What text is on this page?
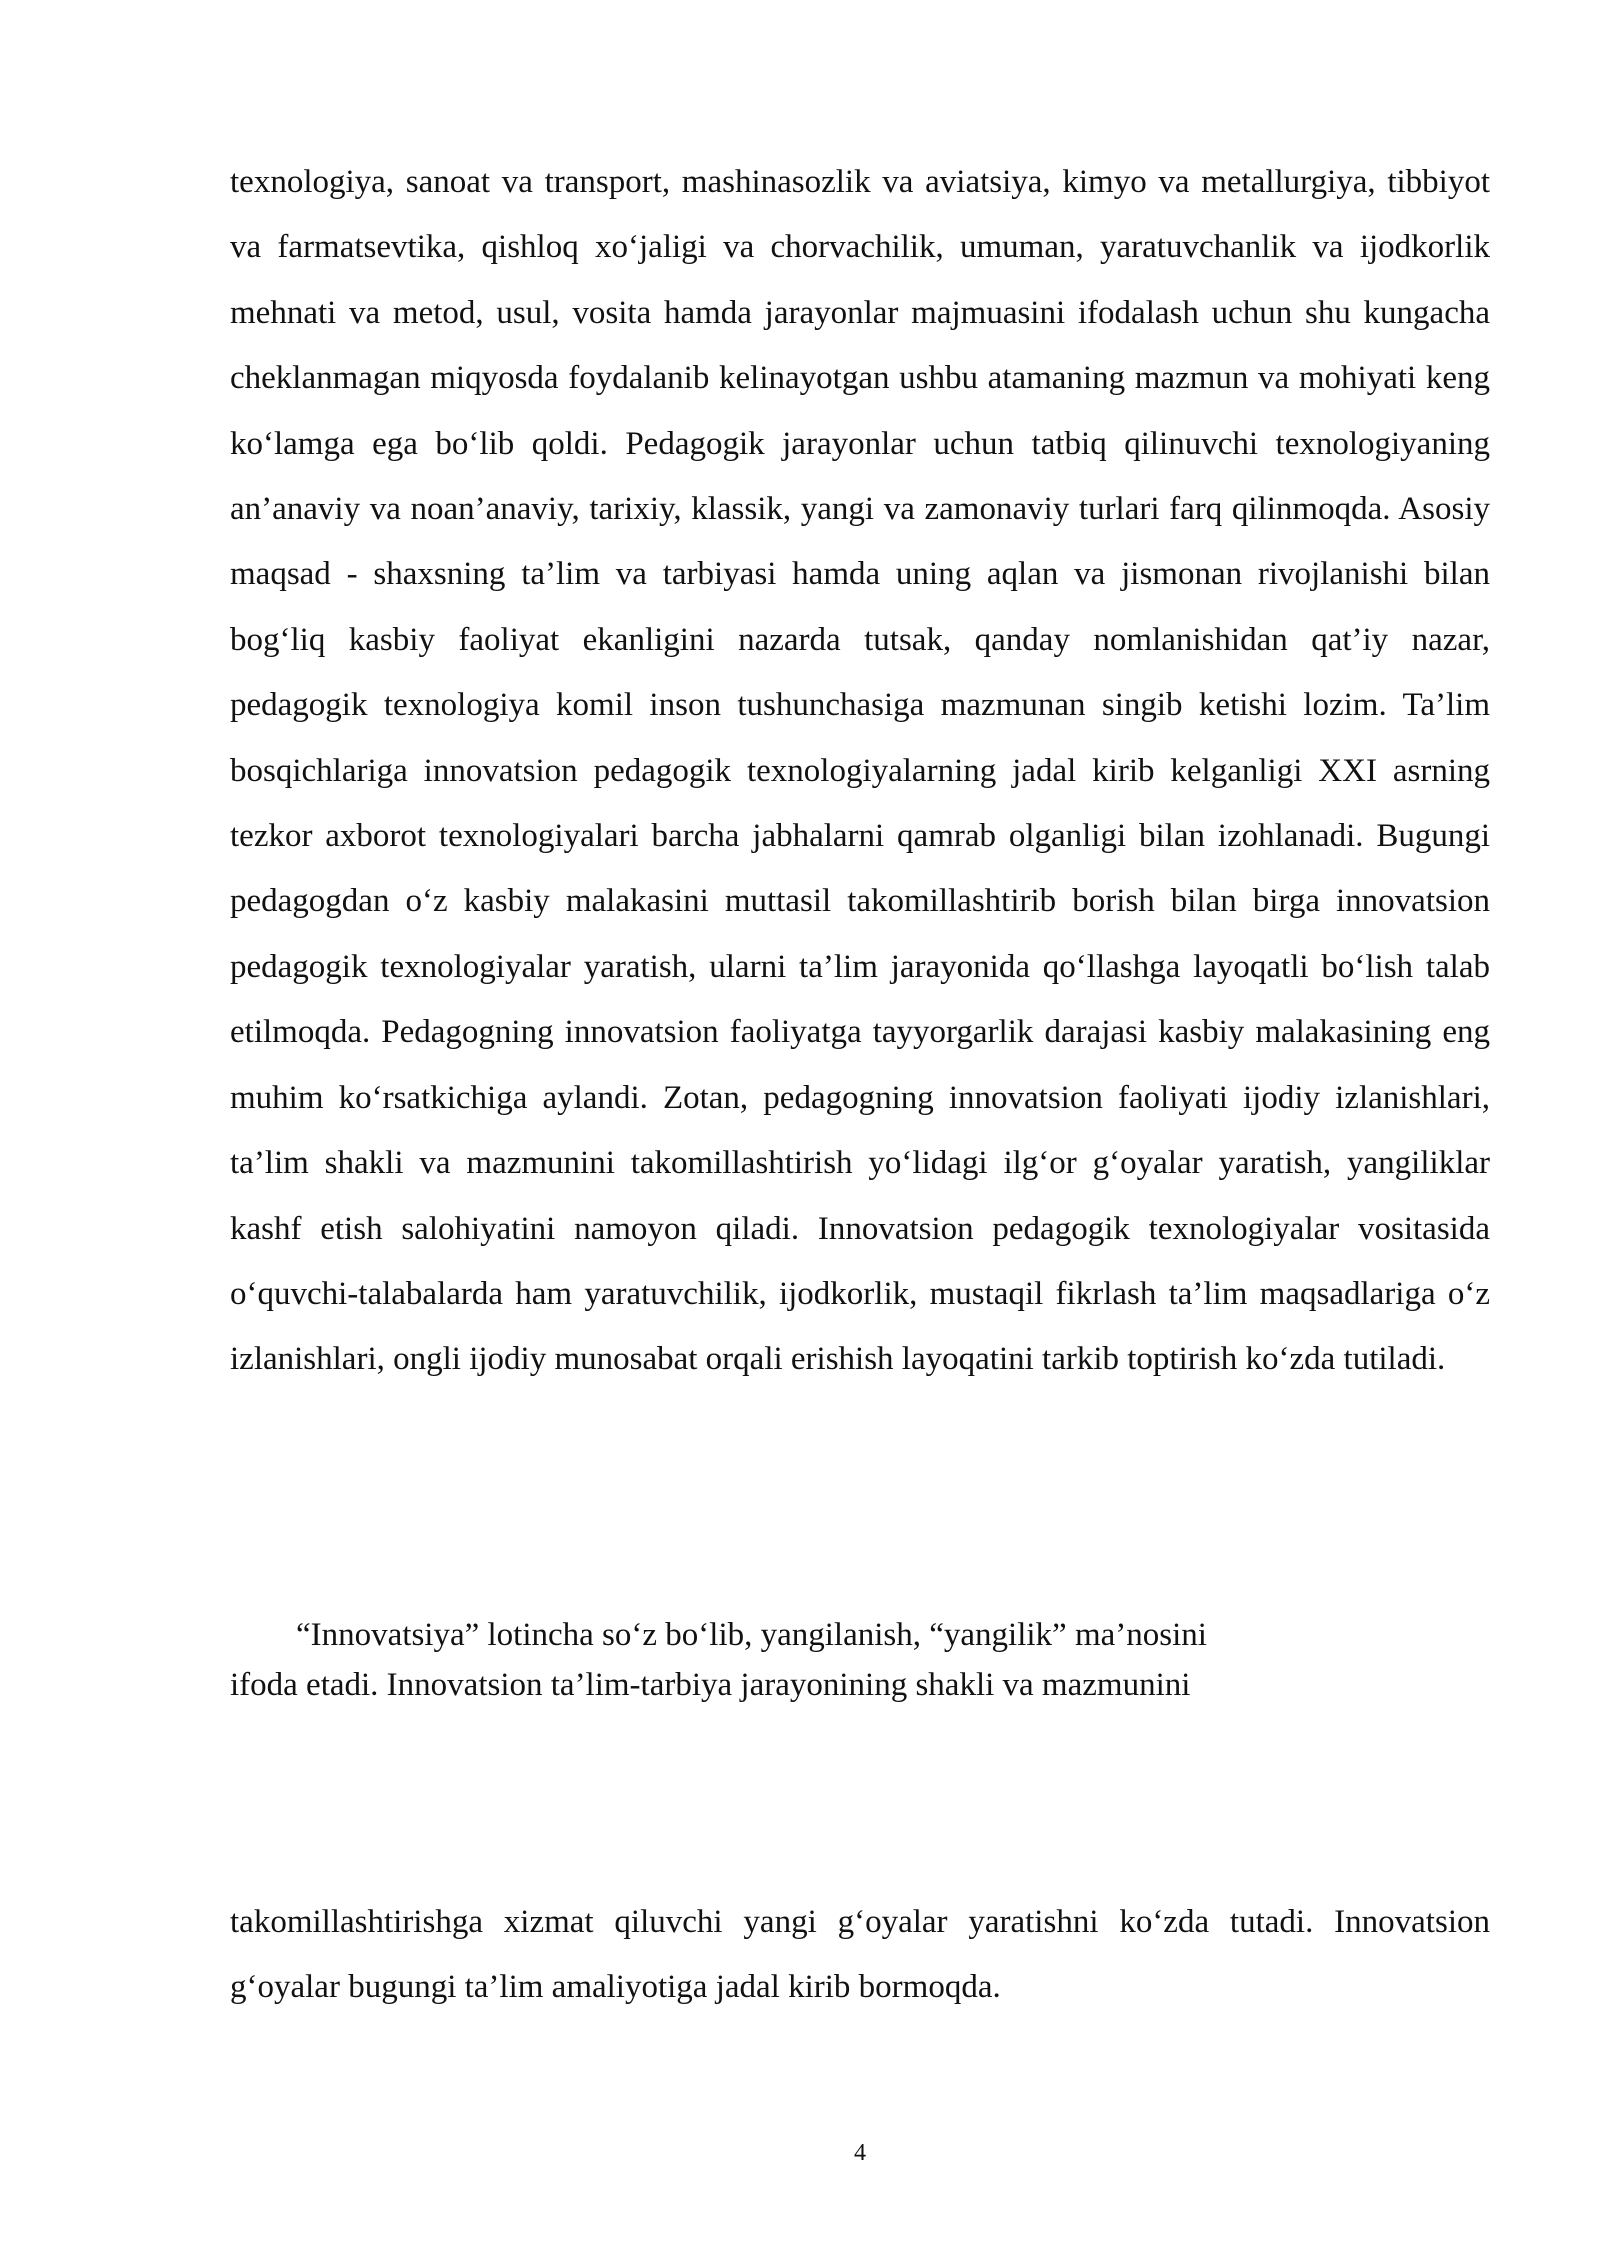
texnologiya, sanoat va transport, mashinasozlik va aviatsiya, kimyo va metallurgiya, tibbiyot va farmatsevtika, qishloq xo‘jaligi va chorvachilik, umuman, yaratuvchanlik va ijodkorlik mehnati va metod, usul, vosita hamda jarayonlar majmuasini ifodalash uchun shu kungacha cheklanmagan miqyosda foydalanib kelinayotgan ushbu atamaning mazmun va mohiyati keng ko‘lamga ega bo‘lib qoldi. Pedagogik jarayonlar uchun tatbiq qilinuvchi texnologiyaning an’anaviy va noan’anaviy, tarixiy, klassik, yangi va zamonaviy turlari farq qilinmoqda. Asosiy maqsad - shaxsning ta’lim va tarbiyasi hamda uning aqlan va jismonan rivojlanishi bilan bog‘liq kasbiy faoliyat ekanligini nazarda tutsak, qanday nomlanishidan qat’iy nazar, pedagogik texnologiya komil inson tushunchasiga mazmunan singib ketishi lozim. Ta’lim bosqichlariga innovatsion pedagogik texnologiyalarning jadal kirib kelganligi XXI asrning tezkor axborot texnologiyalari barcha jabhalarni qamrab olganligi bilan izohlanadi. Bugungi pedagogdan o‘z kasbiy malakasini muttasil takomillashtirib borish bilan birga innovatsion pedagogik texnologiyalar yaratish, ularni ta’lim jarayonida qo‘llashga layoqatli bo‘lish talab etilmoqda. Pedagogning innovatsion faoliyatga tayyorgarlik darajasi kasbiy malakasining eng muhim ko‘rsatkichiga aylandi. Zotan, pedagogning innovatsion faoliyati ijodiy izlanishlari, ta’lim shakli va mazmunini takomillashtirish yo‘lidagi ilg‘or g‘oyalar yaratish, yangiliklar kashf etish salohiyatini namoyon qiladi. Innovatsion pedagogik texnologiyalar vositasida o‘quvchi-talabalarda ham yaratuvchilik, ijodkorlik, mustaqil fikrlash ta’lim maqsadlariga o‘z izlanishlari, ongli ijodiy munosabat orqali erishish layoqatini tarkib toptirish ko‘zda tutiladi.

“Innovatsiya” lotincha so‘z bo‘lib, yangilanish, “yangilik” ma’nosini ifoda etadi. Innovatsion ta’lim-tarbiya jarayonining shakli va mazmunini

takomillashtirishga xizmat qiluvchi yangi g‘oyalar yaratishni ko‘zda tutadi. Innovatsion g‘oyalar bugungi ta’lim amaliyotiga jadal kirib bormoqda.

4
